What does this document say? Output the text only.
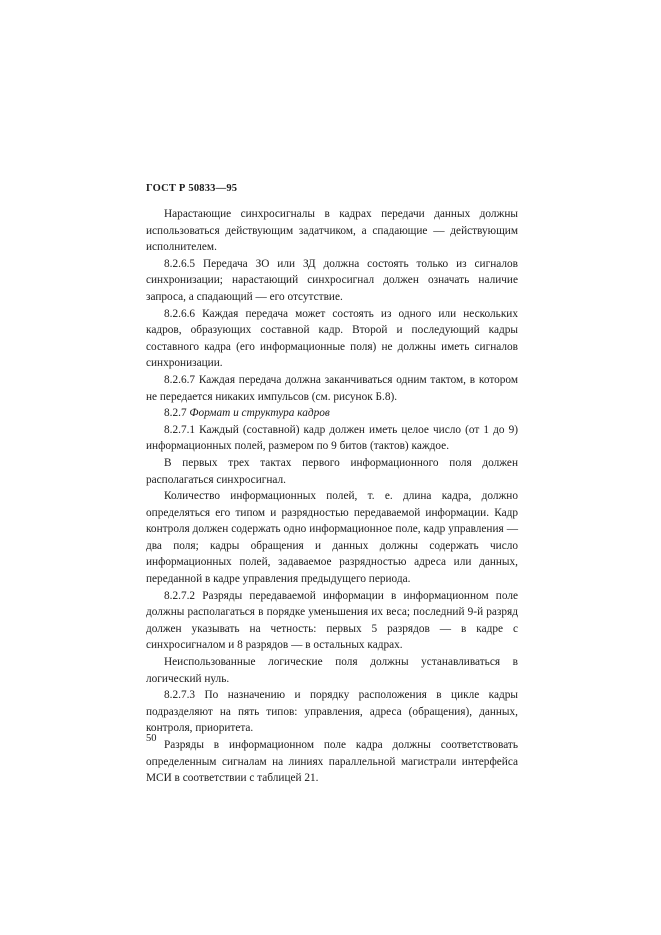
ГОСТ Р 50833—95

Нарастающие синхросигналы в кадрах передачи данных должны использоваться действующим задатчиком, а спадающие — действующим исполнителем.

8.2.6.5 Передача ЗО или ЗД должна состоять только из сигналов синхронизации; нарастающий синхросигнал должен означать наличие запроса, а спадающий — его отсутствие.

8.2.6.6 Каждая передача может состоять из одного или нескольких кадров, образующих составной кадр. Второй и последующий кадры составного кадра (его информационные поля) не должны иметь сигналов синхронизации.

8.2.6.7 Каждая передача должна заканчиваться одним тактом, в котором не передается никаких импульсов (см. рисунок Б.8).

8.2.7 Формат и структура кадров

8.2.7.1 Каждый (составной) кадр должен иметь целое число (от 1 до 9) информационных полей, размером по 9 битов (тактов) каждое.

В первых трех тактах первого информационного поля должен располагаться синхросигнал.

Количество информационных полей, т. е. длина кадра, должно определяться его типом и разрядностью передаваемой информации. Кадр контроля должен содержать одно информационное поле, кадр управления — два поля; кадры обращения и данных должны содержать число информационных полей, задаваемое разрядностью адреса или данных, переданной в кадре управления предыдущего периода.

8.2.7.2 Разряды передаваемой информации в информационном поле должны располагаться в порядке уменьшения их веса; последний 9-й разряд должен указывать на четность: первых 5 разрядов — в кадре с синхросигналом и 8 разрядов — в остальных кадрах.

Неиспользованные логические поля должны устанавливаться в логический нуль.

8.2.7.3 По назначению и порядку расположения в цикле кадры подразделяют на пять типов: управления, адреса (обращения), данных, контроля, приоритета.

Разряды в информационном поле кадра должны соответствовать определенным сигналам на линиях параллельной магистрали интерфейса МСИ в соответствии с таблицей 21.

50
